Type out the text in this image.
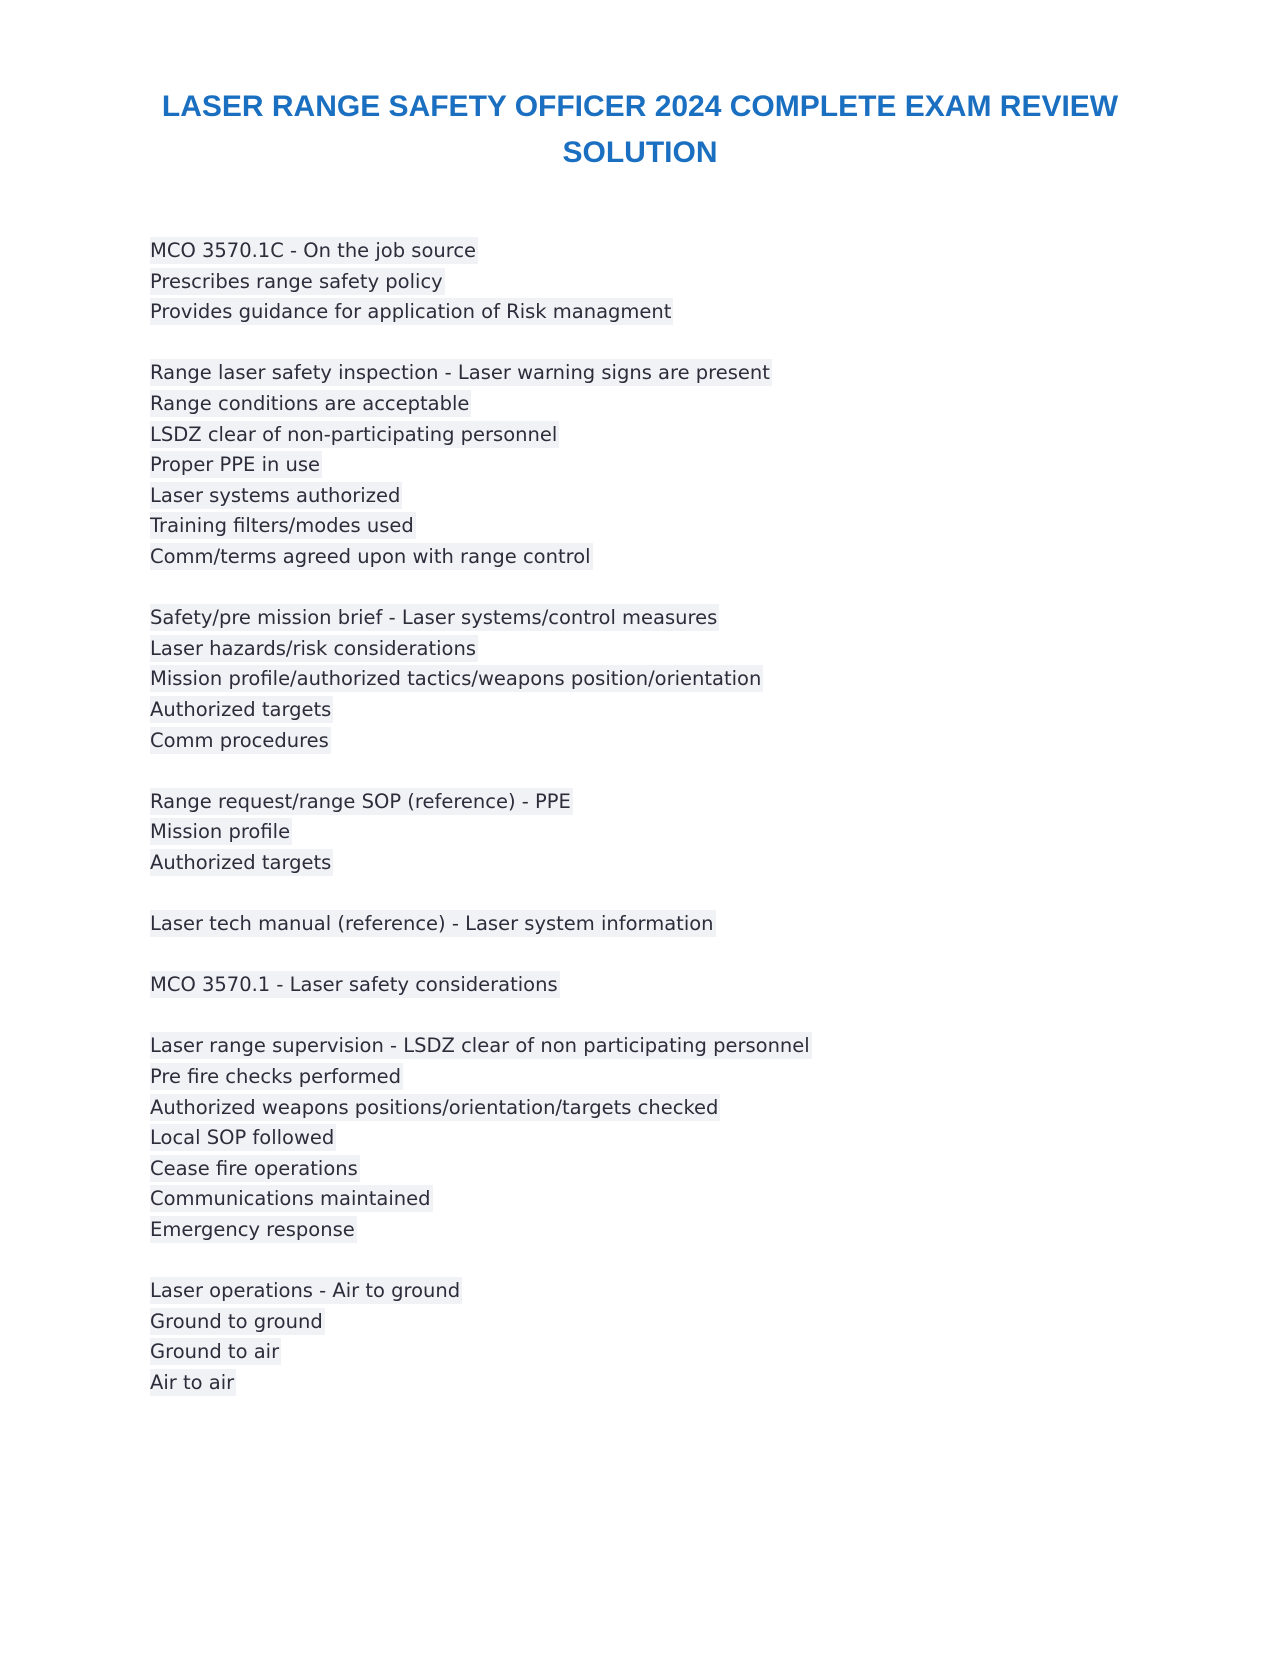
LASER RANGE SAFETY OFFICER 2024 COMPLETE EXAM REVIEW
SOLUTION
MCO 3570.1C - On the job source
Prescribes range safety policy
Provides guidance for application of Risk managment
Range laser safety inspection - Laser warning signs are present
Range conditions are acceptable
LSDZ clear of non-participating personnel
Proper PPE in use
Laser systems authorized
Training filters/modes used
Comm/terms agreed upon with range control
Safety/pre mission brief - Laser systems/control measures
Laser hazards/risk considerations
Mission profile/authorized tactics/weapons position/orientation
Authorized targets
Comm procedures
Range request/range SOP (reference) - PPE
Mission profile
Authorized targets
Laser tech manual (reference) - Laser system information
MCO 3570.1 - Laser safety considerations
Laser range supervision - LSDZ clear of non participating personnel
Pre fire checks performed
Authorized weapons positions/orientation/targets checked
Local SOP followed
Cease fire operations
Communications maintained
Emergency response
Laser operations - Air to ground
Ground to ground
Ground to air
Air to air
